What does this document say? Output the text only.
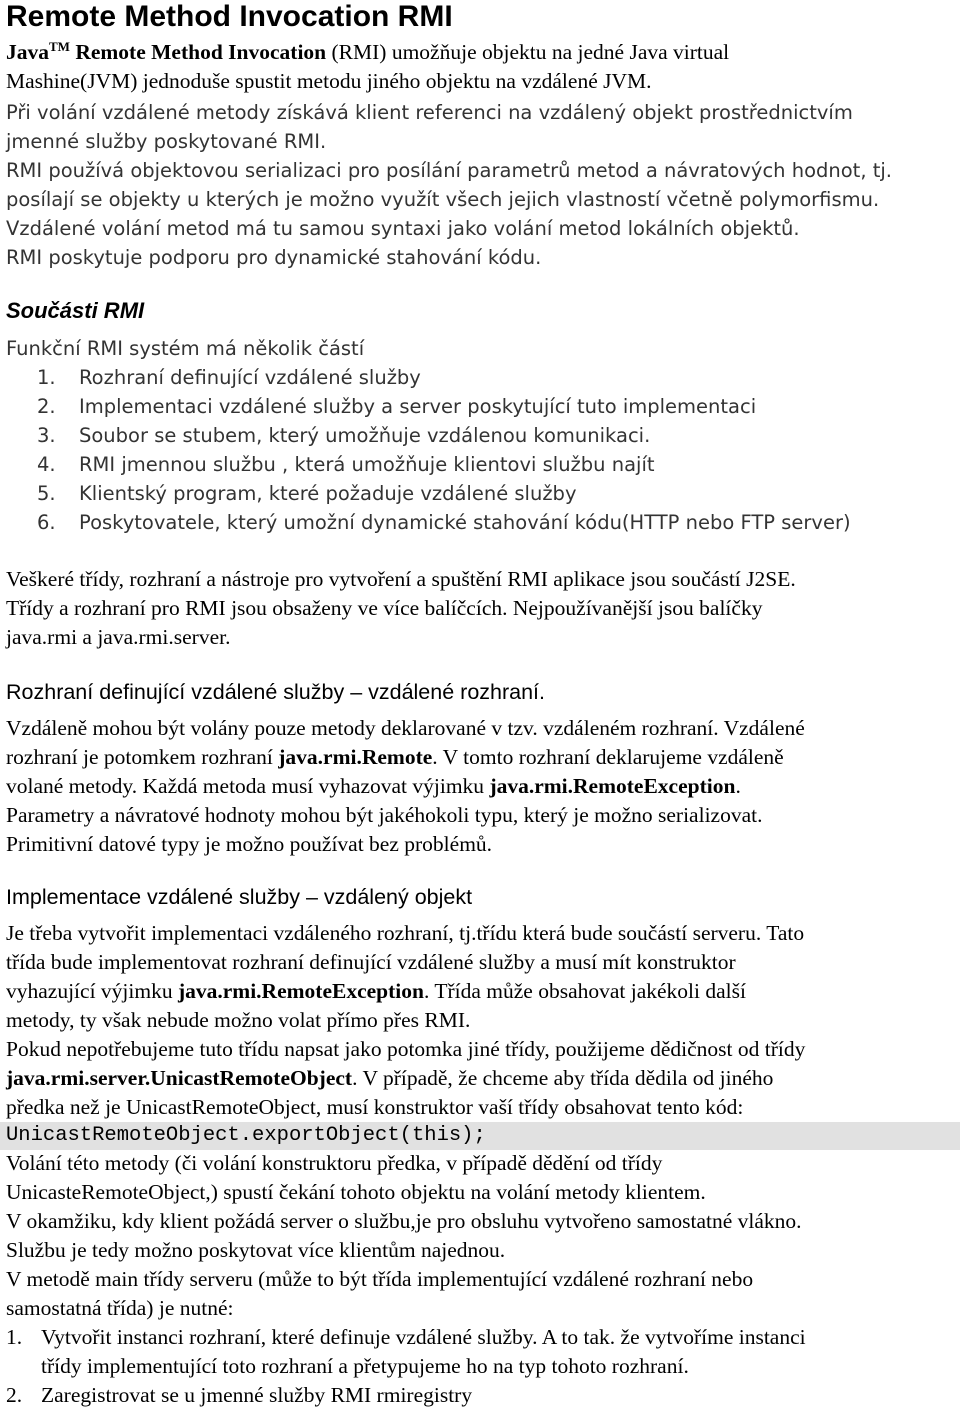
Remote Method Invocation RMI
Java™ Remote Method Invocation (RMI) umožňuje objektu na jedné Java virtual
Mashine(JVM) jednoduše spustit metodu jiného objektu na vzdálené JVM.
Při volání vzdálené metody získává klient referenci na vzdálený objekt prostřednictvím
jmenné služby poskytované RMI.
RMI používá objektovou serializaci pro posílání parametrů metod a návratových hodnot, tj.
posílají se objekty u kterých je možno využít všech jejich vlastností včetně polymorfismu.
Vzdálené volání metod má tu samou syntaxi jako volání metod lokálních objektů.
RMI poskytuje podporu pro dynamické stahování kódu.
Součásti RMI
Funkční RMI systém má několik částí
1. Rozhraní definující vzdálené služby
2. Implementaci vzdálené služby a server poskytující tuto implementaci
3. Soubor se stubem, který umožňuje vzdálenou komunikaci.
4. RMI jmennou službu , která umožňuje klientovi službu najít
5. Klientský program, které požaduje vzdálené služby
6. Poskytovatele, který umožní dynamické stahování kódu(HTTP nebo FTP server)
Veškeré třídy, rozhraní a nástroje pro vytvoření a spuštění RMI aplikace jsou součástí J2SE.
Třídy a rozhraní pro RMI jsou obsaženy ve více balíčcích. Nejpoužívanější jsou balíčky
java.rmi a java.rmi.server.
Rozhraní definující vzdálené služby – vzdálené rozhraní.
Vzdáleně mohou být volány pouze metody deklarované v tzv. vzdáleném rozhraní. Vzdálené
rozhraní je potomkem rozhraní java.rmi.Remote. V tomto rozhraní deklarujeme vzdáleně
volané metody. Každá metoda musí vyhazovat výjimku java.rmi.RemoteException.
Parametry a návratové hodnoty mohou být jakéhokoli typu, který je možno serializovat.
Primitivní datové typy je možno používat bez problémů.
Implementace vzdálené služby – vzdálený objekt
Je třeba vytvořit implementaci vzdáleného rozhraní, tj.třídu která bude součástí serveru. Tato
třída bude implementovat rozhraní definující vzdálené služby a musí mít konstruktor
vyhazující výjimku java.rmi.RemoteException. Třída může obsahovat jakékoli další
metody, ty však nebude možno volat přímo přes RMI.
Pokud nepotřebujeme tuto třídu napsat jako potomka jiné třídy, použijeme dědičnost od třídy
java.rmi.server.UnicastRemoteObject. V případě, že chceme aby třída dědila od jiného
předka než je UnicastRemoteObject, musí konstruktor vaší třídy obsahovat tento kód:
UnicastRemoteObject.exportObject(this);
Volání této metody (či volání konstruktoru předka, v případě dědění od třídy
UnicasteRemoteObject,) spustí čekání tohoto objektu na volání metody klientem.
V okamžiku, kdy klient požádá server o službu,je pro obsluhu vytvořeno samostatné vlákno.
Službu je tedy možno poskytovat více klientům najednou.
V metodě main třídy serveru (může to být třída implementující vzdálené rozhraní nebo
samostatná třída) je nutné:
1. Vytvořit instanci rozhraní, které definuje vzdálené služby. A to tak. že vytvoříme instanci
třídy implementující toto rozhraní a přetypujeme ho na typ tohoto rozhraní.
2. Zaregistrovat se u jmenné služby RMI rmiregistry
